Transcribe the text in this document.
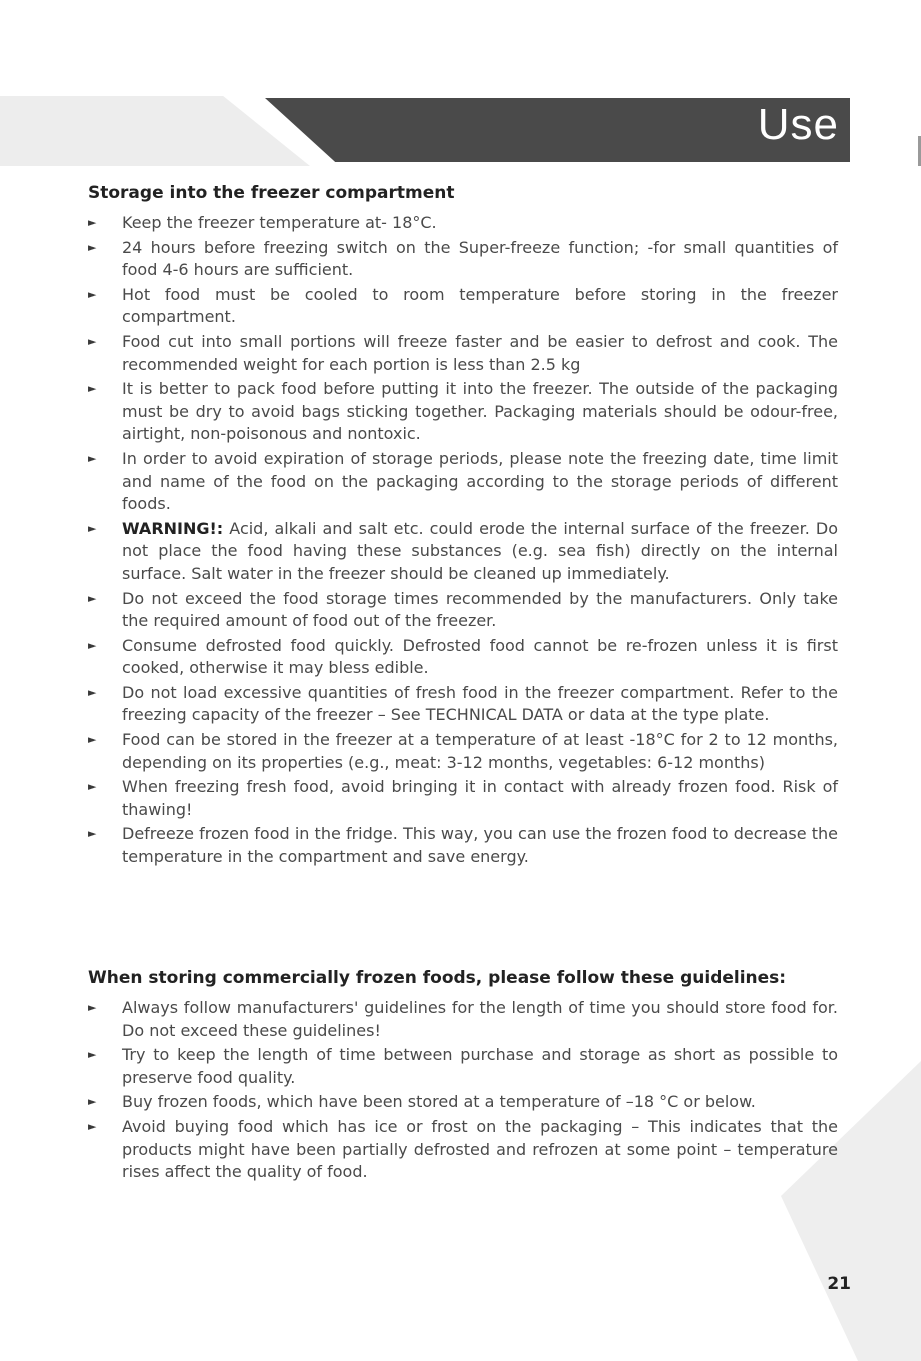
Use
Storage into the freezer compartment
► Keep the freezer temperature at- 18°C.
► 24 hours before freezing switch on the Super-freeze function; -for small quantities of food 4-6 hours are sufficient.
► Hot food must be cooled to room temperature before storing in the freezer compartment.
► Food cut into small portions will freeze faster and be easier to defrost and cook. The recommended weight for each portion is less than 2.5 kg
► It is better to pack food before putting it into the freezer. The outside of the packaging must be dry to avoid bags sticking together. Packaging materials should be odour-free, airtight, non-poisonous and nontoxic.
► In order to avoid expiration of storage periods, please note the freezing date, time limit and name of the food on the packaging according to the storage periods of different foods.
► WARNING!: Acid, alkali and salt etc. could erode the internal surface of the freezer. Do not place the food having these substances (e.g. sea fish) directly on the internal surface. Salt water in the freezer should be cleaned up immediately.
► Do not exceed the food storage times recommended by the manufacturers. Only take the required amount of food out of the freezer.
► Consume defrosted food quickly. Defrosted food cannot be re-frozen unless it is first cooked, otherwise it may bless edible.
► Do not load excessive quantities of fresh food in the freezer compartment. Refer to the freezing capacity of the freezer – See TECHNICAL DATA or data at the type plate.
► Food can be stored in the freezer at a temperature of at least -18°C for 2 to 12 months, depending on its properties (e.g., meat: 3-12 months, vegetables: 6-12 months)
► When freezing fresh food, avoid bringing it in contact with already frozen food. Risk of thawing!
► Defreeze frozen food in the fridge. This way, you can use the frozen food to decrease the temperature in the compartment and save energy.
When storing commercially frozen foods, please follow these guidelines:
► Always follow manufacturers' guidelines for the length of time you should store food for. Do not exceed these guidelines!
► Try to keep the length of time between purchase and storage as short as possible to preserve food quality.
► Buy frozen foods, which have been stored at a temperature of –18 °C or below.
► Avoid buying food which has ice or frost on the packaging – This indicates that the products might have been partially defrosted and refrozen at some point – temperature rises affect the quality of food.
21
